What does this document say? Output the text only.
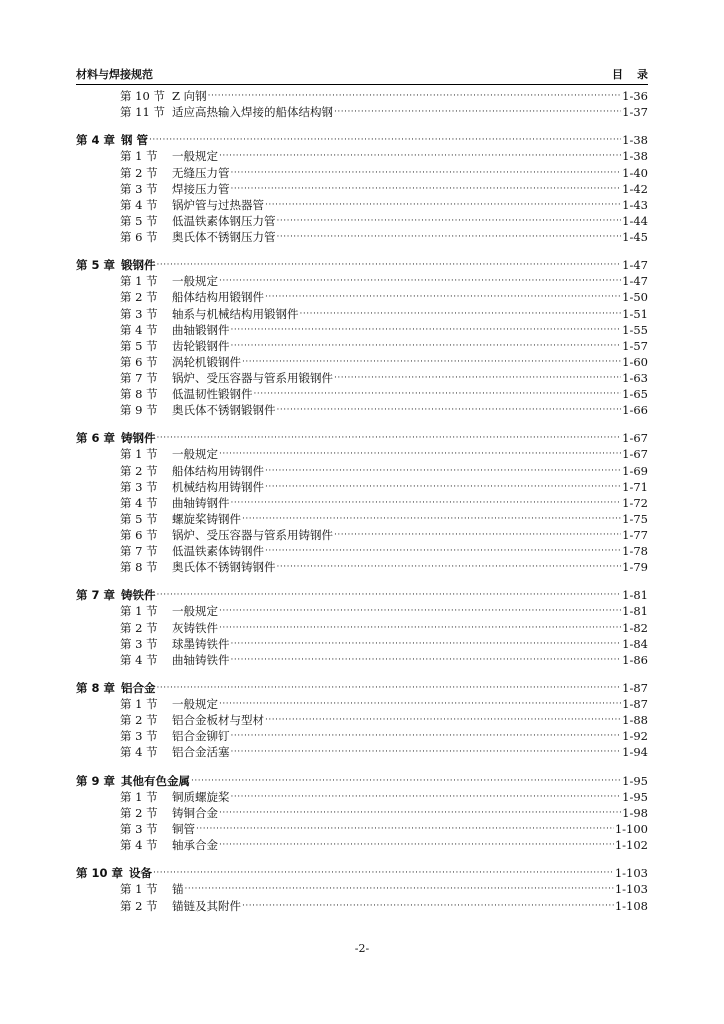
材料与焊接规范	目录
第 10 节 Z 向钢 ·····	1-36
第 11 节 适应高热输入焊接的船体结构钢 ·····	1-37
第 4 章 钢 管 ·····	1-38
第 1 节	一般规定 ·····	1-38
第 2 节	无缝压力管 ·····	1-40
第 3 节	焊接压力管 ·····	1-42
第 4 节	锅炉管与过热器管 ·····	1-43
第 5 节	低温铁素体钢压力管 ·····	1-44
第 6 节	奥氏体不锈钢压力管 ·····	1-45
第 5 章 锻钢件 ·····	1-47
第 1 节	一般规定 ·····	1-47
第 2 节	船体结构用锻钢件 ·····	1-50
第 3 节	轴系与机械结构用锻钢件 ·····	1-51
第 4 节	曲轴锻钢件 ·····	1-55
第 5 节	齿轮锻钢件 ·····	1-57
第 6 节	涡轮机锻钢件 ·····	1-60
第 7 节	锅炉、受压容器与管系用锻钢件 ·····	1-63
第 8 节	低温韧性锻钢件 ·····	1-65
第 9 节	奥氏体不锈钢锻钢件 ·····	1-66
第 6 章 铸钢件 ·····	1-67
第 1 节	一般规定 ·····	1-67
第 2 节	船体结构用铸钢件 ·····	1-69
第 3 节	机械结构用铸钢件 ·····	1-71
第 4 节	曲轴铸钢件 ·····	1-72
第 5 节	螺旋桨铸钢件 ·····	1-75
第 6 节	锅炉、受压容器与管系用铸钢件 ·····	1-77
第 7 节	低温铁素体铸钢件 ·····	1-78
第 8 节	奥氏体不锈钢铸钢件 ·····	1-79
第 7 章 铸铁件 ·····	1-81
第 1 节	一般规定 ·····	1-81
第 2 节	灰铸铁件 ·····	1-82
第 3 节	球墨铸铁件 ·····	1-84
第 4 节	曲轴铸铁件 ·····	1-86
第 8 章 铝合金 ·····	1-87
第 1 节	一般规定 ·····	1-87
第 2 节	铝合金板材与型材 ·····	1-88
第 3 节	铝合金铆钉 ·····	1-92
第 4 节	铝合金活塞 ·····	1-94
第 9 章 其他有色金属 ·····	1-95
第 1 节	铜质螺旋桨 ·····	1-95
第 2 节	铸铜合金 ·····	1-98
第 3 节	铜管 ·····	1-100
第 4 节	轴承合金 ·····	1-102
第 10 章 设备 ·····	1-103
第 1 节	锚 ·····	1-103
第 2 节	锚链及其附件 ·····	1-108
-2-
